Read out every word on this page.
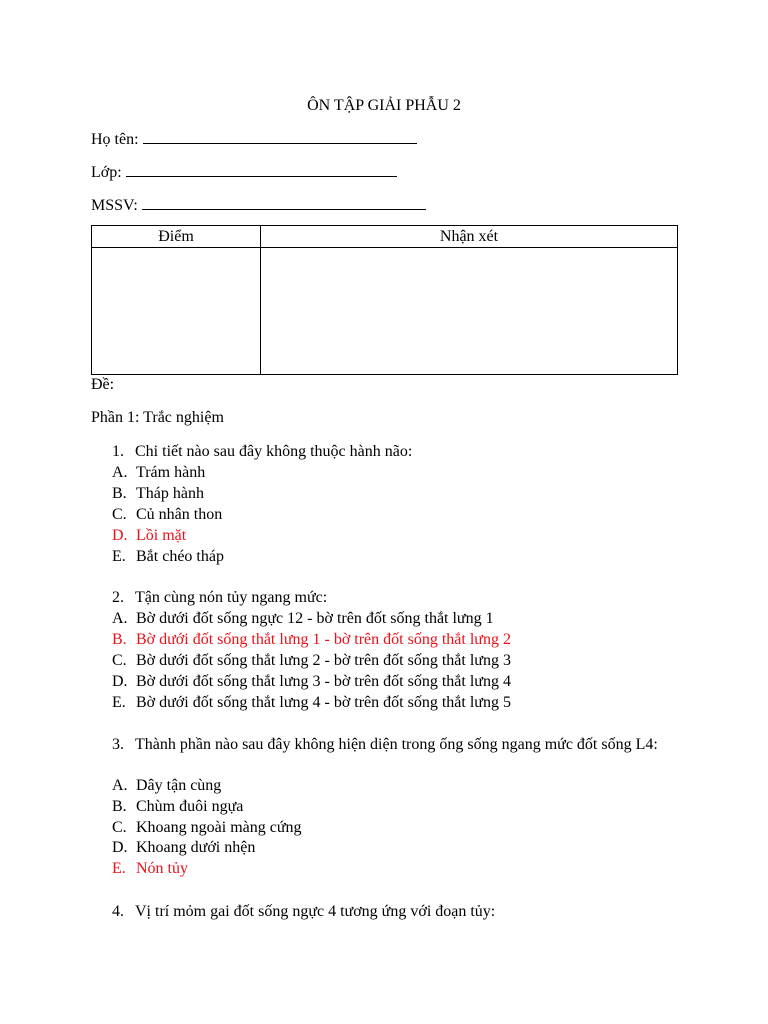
ÔN TẬP GIẢI PHẪU 2
Họ tên:
Lớp:
MSSV:
Điểm	Nhận xét

Đề:
Phần 1: Trắc nghiệm
1. Chi tiết nào sau đây không thuộc hành não:
A. Trám hành
B. Tháp hành
C. Củ nhân thon
D. Lồi mặt
E. Bắt chéo tháp
2. Tận cùng nón tủy ngang mức:
A. Bờ dưới đốt sống ngực 12 - bờ trên đốt sống thắt lưng 1
B. Bờ dưới đốt sống thắt lưng 1 - bờ trên đốt sống thắt lưng 2
C. Bờ dưới đốt sống thắt lưng 2 - bờ trên đốt sống thắt lưng 3
D. Bờ dưới đốt sống thắt lưng 3 - bờ trên đốt sống thắt lưng 4
E. Bờ dưới đốt sống thắt lưng 4 - bờ trên đốt sống thắt lưng 5
3. Thành phần nào sau đây không hiện diện trong ống sống ngang mức đốt sống L4:
A. Dây tận cùng
B. Chùm đuôi ngựa
C. Khoang ngoài màng cứng
D. Khoang dưới nhện
E. Nón tủy
4. Vị trí mỏm gai đốt sống ngực 4 tương ứng với đoạn tủy:
